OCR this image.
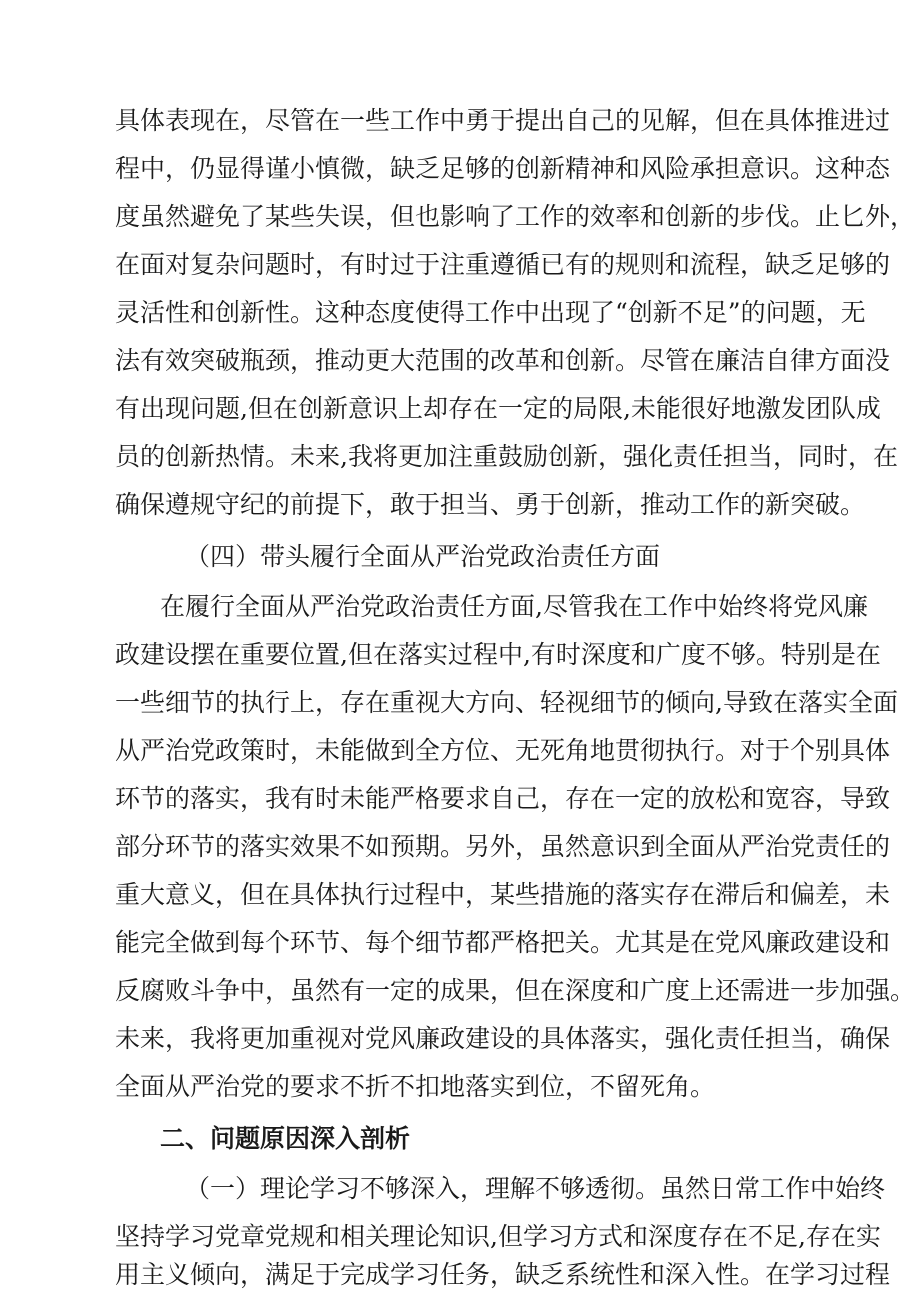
具体表现在，尽管在一些工作中勇于提出自己的见解，但在具体推进过
程中，仍显得谨小慎微，缺乏足够的创新精神和风险承担意识。这种态
度虽然避免了某些失误，但也影响了工作的效率和创新的步伐。止匕外，
在面对复杂问题时，有时过于注重遵循已有的规则和流程，缺乏足够的
灵活性和创新性。这种态度使得工作中出现了“创新不足”的问题，无
法有效突破瓶颈，推动更大范围的改革和创新。尽管在廉洁自律方面没
有出现问题,但在创新意识上却存在一定的局限,未能很好地激发团队成
员的创新热情。未来,我将更加注重鼓励创新，强化责任担当，同时，在
确保遵规守纪的前提下，敢于担当、勇于创新，推动工作的新突破。
（四）带头履行全面从严治党政治责任方面
在履行全面从严治党政治责任方面,尽管我在工作中始终将党风廉
政建设摆在重要位置,但在落实过程中,有时深度和广度不够。特别是在
一些细节的执行上，存在重视大方向、轻视细节的倾向,导致在落实全面
从严治党政策时，未能做到全方位、无死角地贯彻执行。对于个别具体
环节的落实，我有时未能严格要求自己，存在一定的放松和宽容，导致
部分环节的落实效果不如预期。另外，虽然意识到全面从严治党责任的
重大意义，但在具体执行过程中，某些措施的落实存在滞后和偏差，未
能完全做到每个环节、每个细节都严格把关。尤其是在党风廉政建设和
反腐败斗争中，虽然有一定的成果，但在深度和广度上还需进一步加强。
未来，我将更加重视对党风廉政建设的具体落实，强化责任担当，确保
全面从严治党的要求不折不扣地落实到位，不留死角。
二、问题原因深入剖析
（一）理论学习不够深入，理解不够透彻。虽然日常工作中始终
坚持学习党章党规和相关理论知识,但学习方式和深度存在不足,存在实
用主义倾向，满足于完成学习任务，缺乏系统性和深入性。在学习过程
